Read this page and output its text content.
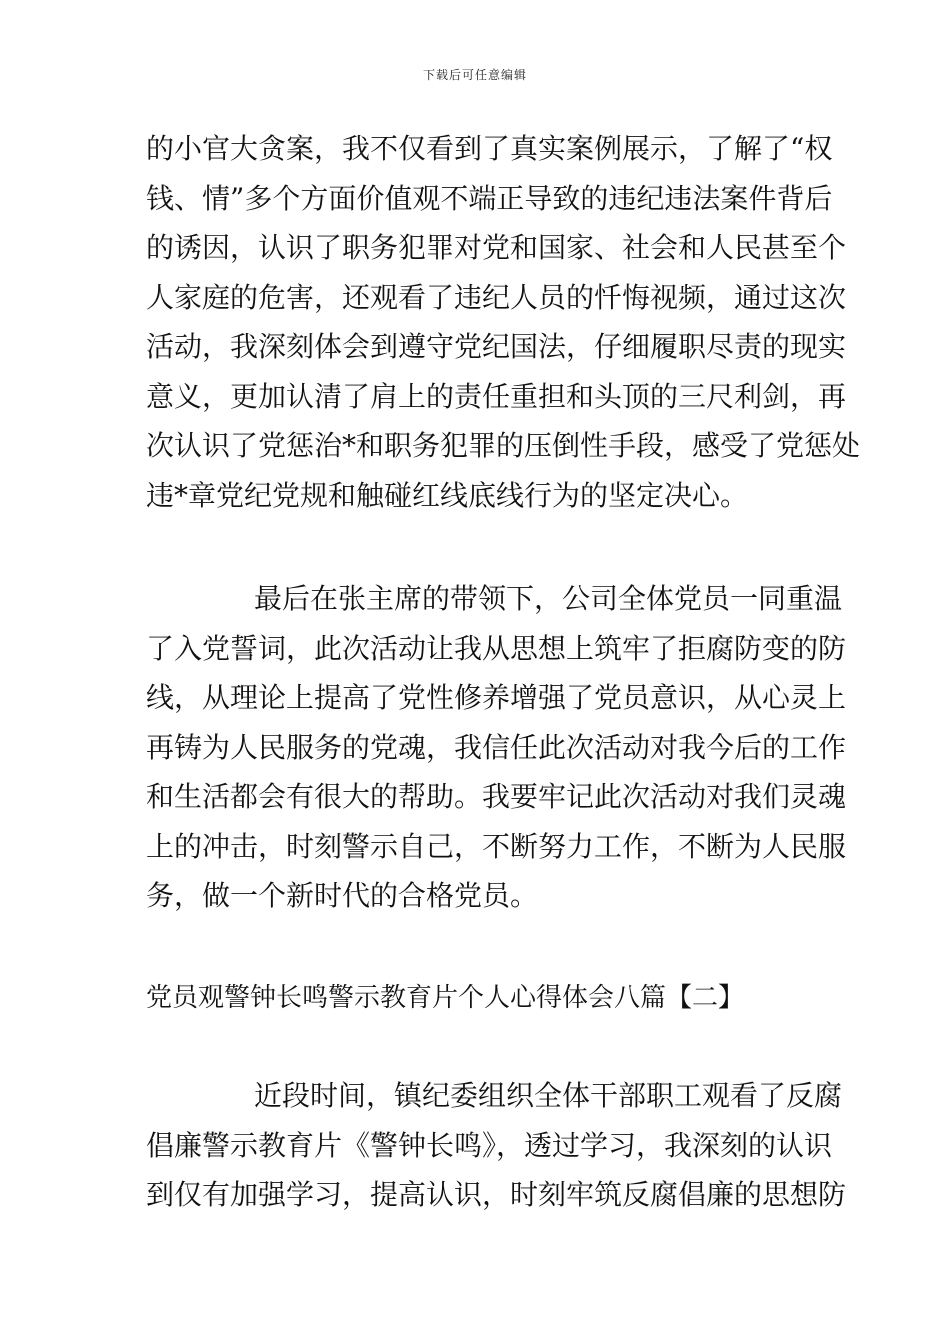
下载后可任意编辑
的小官大贪案，我不仅看到了真实案例展示，了解了“权
钱、情”多个方面价值观不端正导致的违纪违法案件背后
的诱因，认识了职务犯罪对党和国家、社会和人民甚至个
人家庭的危害，还观看了违纪人员的忏悔视频，通过这次
活动，我深刻体会到遵守党纪国法，仔细履职尽责的现实
意义，更加认清了肩上的责任重担和头顶的三尺利剑，再
次认识了党惩治*和职务犯罪的压倒性手段，感受了党惩处
违*章党纪党规和触碰红线底线行为的坚定决心。
最后在张主席的带领下，公司全体党员一同重温
了入党誓词，此次活动让我从思想上筑牢了拒腐防变的防
线，从理论上提高了党性修养增强了党员意识，从心灵上
再铸为人民服务的党魂，我信任此次活动对我今后的工作
和生活都会有很大的帮助。我要牢记此次活动对我们灵魂
上的冲击，时刻警示自己，不断努力工作，不断为人民服
务，做一个新时代的合格党员。
党员观警钟长鸣警示教育片个人心得体会八篇【二】
近段时间，镇纪委组织全体干部职工观看了反腐
倡廉警示教育片《警钟长鸣》，透过学习，我深刻的认识
到仅有加强学习，提高认识，时刻牢筑反腐倡廉的思想防
